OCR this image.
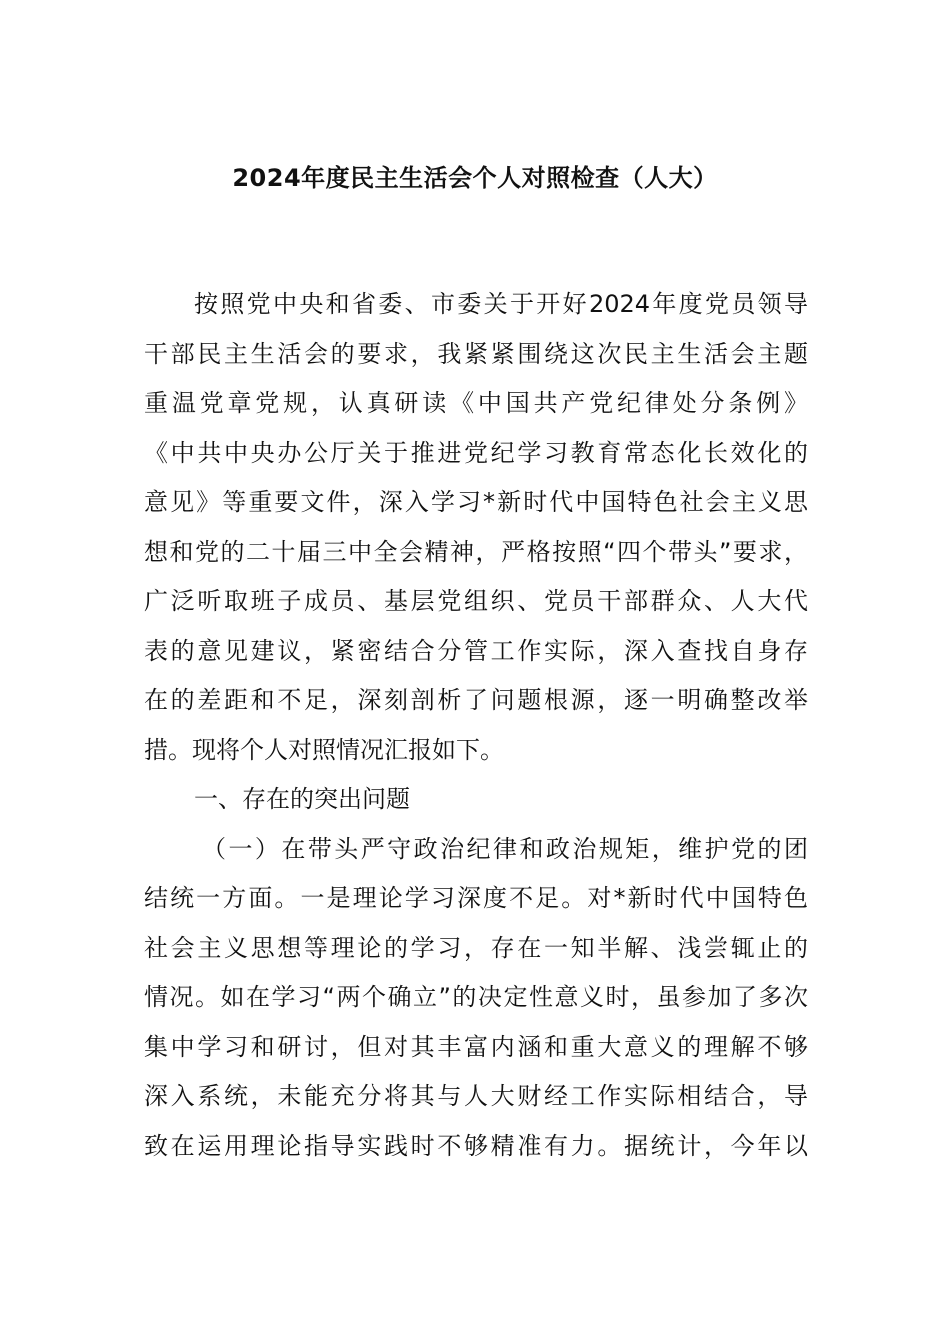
2024年度民主生活会个人对照检查（人大）
按照党中央和省委、市委关于开好2024年度党员领导
干部民主生活会的要求，我紧紧围绕这次民主生活会主题
重温党章党规，认真研读《中国共产党纪律处分条例》
《中共中央办公厅关于推进党纪学习教育常态化长效化的
意见》等重要文件，深入学习*新时代中国特色社会主义思
想和党的二十届三中全会精神，严格按照“四个带头”要求，
广泛听取班子成员、基层党组织、党员干部群众、人大代
表的意见建议，紧密结合分管工作实际，深入查找自身存
在的差距和不足，深刻剖析了问题根源，逐一明确整改举
措。现将个人对照情况汇报如下。
一、存在的突出问题
（一）在带头严守政治纪律和政治规矩，维护党的团
结统一方面。一是理论学习深度不足。对*新时代中国特色
社会主义思想等理论的学习，存在一知半解、浅尝辄止的
情况。如在学习“两个确立”的决定性意义时，虽参加了多次
集中学习和研讨，但对其丰富内涵和重大意义的理解不够
深入系统，未能充分将其与人大财经工作实际相结合，导
致在运用理论指导实践时不够精准有力。据统计，今年以
